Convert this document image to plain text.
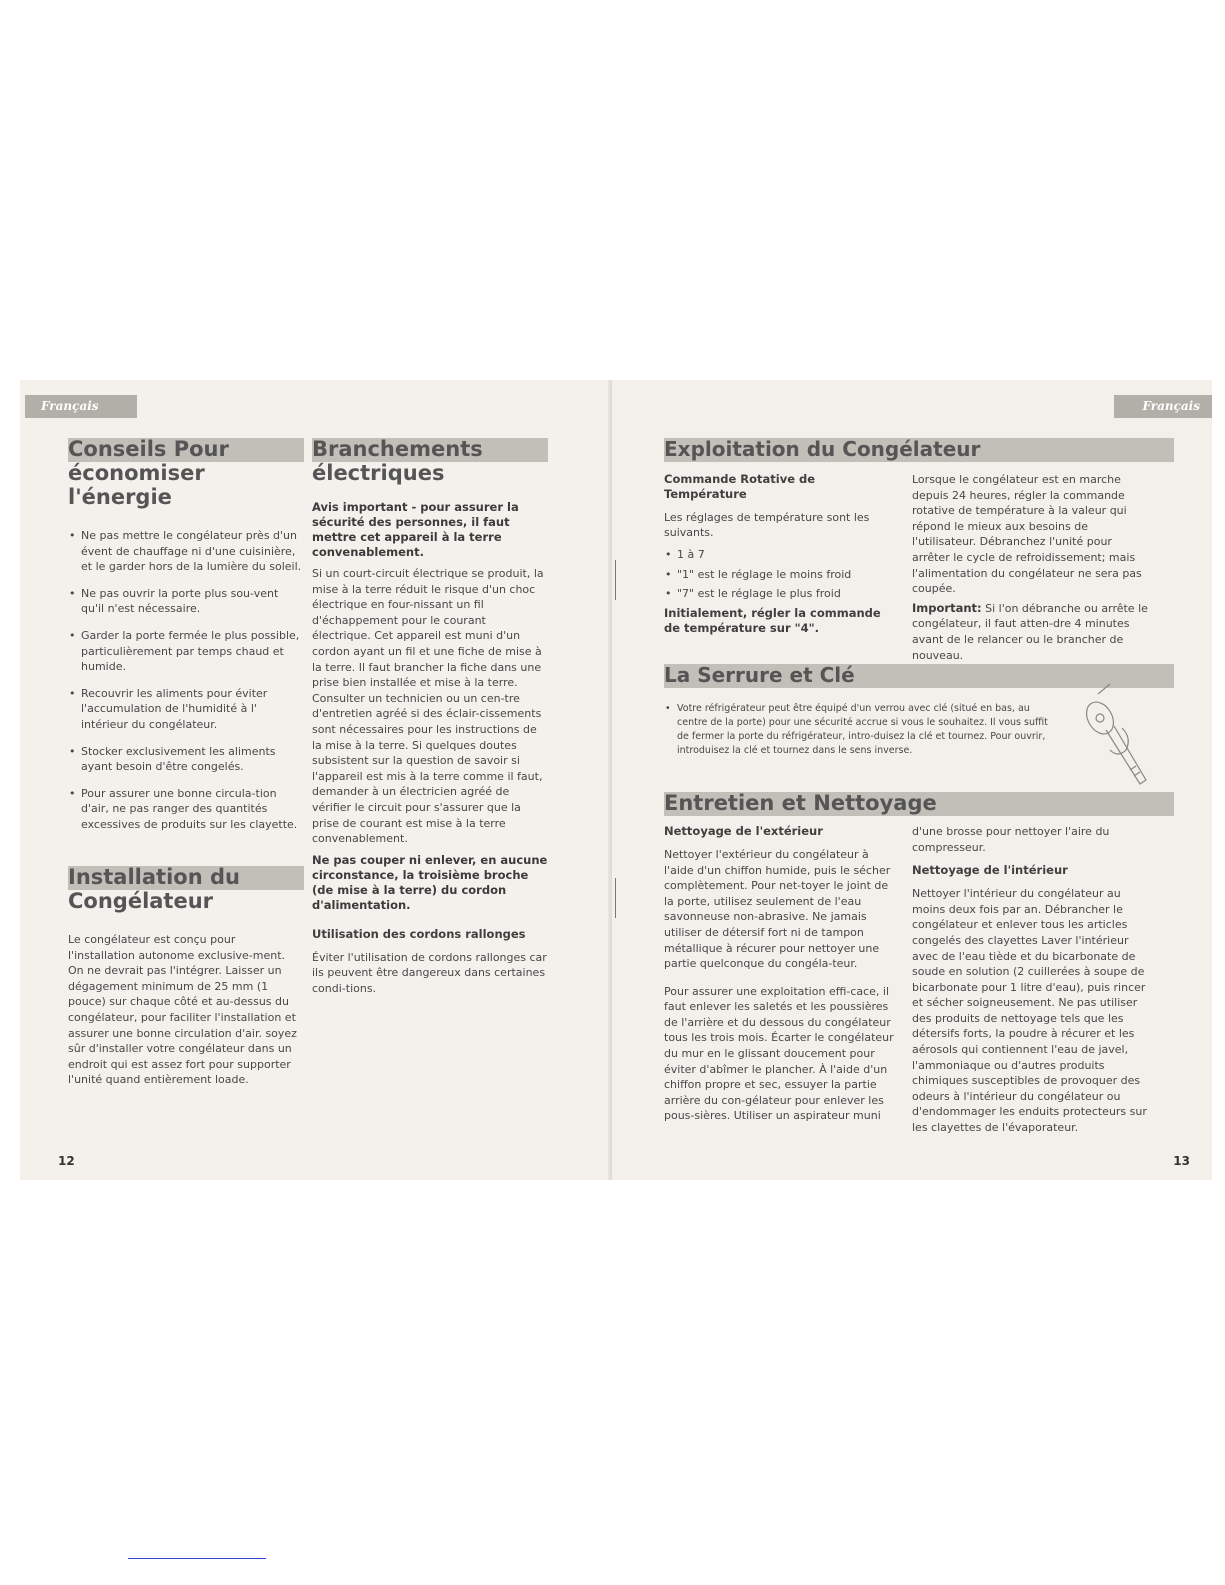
Français
Conseils Pour
économiser
l'énergie
• Ne pas mettre le congélateur près d'un évent de chauffage ni d'une cuisinière, et le garder hors de la lumière du soleil.
• Ne pas ouvrir la porte plus sou-vent qu'il n'est nécessaire.
• Garder la porte fermée le plus possible, particulièrement par temps chaud et humide.
• Recouvrir les aliments pour éviter l'accumulation de l'humidité à l' intérieur du congélateur.
• Stocker exclusivement les aliments ayant besoin d'être congelés.
• Pour assurer une bonne circula-tion d'air, ne pas ranger des quantités excessives de produits sur les clayette.
Installation du
Congélateur

Le congélateur est conçu pour l'installation autonome exclusive-ment. On ne devrait pas l'intégrer. Laisser un dégagement minimum de 25 mm (1 pouce) sur chaque côté et au-dessus du congélateur, pour faciliter l'installation et assurer une bonne circulation d'air. soyez sûr d'installer votre congélateur dans un endroit qui est assez fort pour supporter l'unité quand entièrement loade.

Branchements
électriques
Avis important - pour assurer la sécurité des personnes, il faut mettre cet appareil à la terre convenablement.

Si un court-circuit électrique se produit, la mise à la terre réduit le risque d'un choc électrique en four-nissant un fil d'échappement pour le courant électrique. Cet appareil est muni d'un cordon ayant un fil et une fiche de mise à la terre. Il faut brancher la fiche dans une prise bien installée et mise à la terre. Consulter un technicien ou un cen-tre d'entretien agréé si des éclair-cissements sont nécessaires pour les instructions de la mise à la terre. Si quelques doutes subsistent sur la question de savoir si l'appareil est mis à la terre comme il faut, demander à un électricien agréé de vérifier le circuit pour s'assurer que la prise de courant est mise à la terre convenablement.

Ne pas couper ni enlever, en aucune circonstance, la troisième broche (de mise à la terre) du cordon d'alimentation.
Utilisation des cordons rallonges

Éviter l'utilisation de cordons rallonges car ils peuvent être dangereux dans certaines condi-tions.

12
Français
Exploitation du Congélateur
Commande Rotative de Température

Les réglages de température sont les suivants.

• 1 à 7
• "1" est le réglage le moins froid
• "7" est le réglage le plus froid
Initialement, régler la commande de température sur "4".

Lorsque le congélateur est en marche depuis 24 heures, régler la commande rotative de température à la valeur qui répond le mieux aux besoins de l'utilisateur. Débranchez l'unité pour arrêter le cycle de refroidissement; mais l'alimentation du congélateur ne sera pas coupée.

Important: Si l'on débranche ou arrête le congélateur, il faut atten-dre 4 minutes avant de le relancer ou le brancher de nouveau.

La Serrure et Clé
• Votre réfrigérateur peut être équipé d'un verrou avec clé (situé en bas, au centre de la porte) pour une sécurité accrue si vous le souhaitez. Il vous suffit de fermer la porte du réfrigérateur, intro-duisez la clé et tournez. Pour ouvrir, introduisez la clé et tournez dans le sens inverse.
Entretien et Nettoyage
Nettoyage de l'extérieur

Nettoyer l'extérieur du congélateur à l'aide d'un chiffon humide, puis le sécher complètement. Pour net-toyer le joint de la porte, utilisez seulement de l'eau savonneuse non-abrasive. Ne jamais utiliser de détersif fort ni de tampon métallique à récurer pour nettoyer une partie quelconque du congéla-teur.

Pour assurer une exploitation effi-cace, il faut enlever les saletés et les poussières de l'arrière et du dessous du congélateur tous les trois mois. Écarter le congélateur du mur en le glissant doucement pour éviter d'abîmer le plancher. À l'aide d'un chiffon propre et sec, essuyer la partie arrière du con-gélateur pour enlever les pous-sières. Utiliser un aspirateur muni

d'une brosse pour nettoyer l'aire du compresseur.

Nettoyage de l'intérieur

Nettoyer l'intérieur du congélateur au moins deux fois par an. Débrancher le congélateur et enlever tous les articles congelés des clayettes Laver l'intérieur avec de l'eau tiède et du bicarbonate de soude en solution (2 cuillerées à soupe de bicarbonate pour 1 litre d'eau), puis rincer et sécher soigneusement. Ne pas utiliser des produits de nettoyage tels que les détersifs forts, la poudre à récurer et les aérosols qui contiennent l'eau de javel, l'ammoniaque ou d'autres produits chimiques susceptibles de provoquer des odeurs à l'intérieur du congélateur ou d'endommager les enduits protecteurs sur les clayettes de l'évaporateur.

13
